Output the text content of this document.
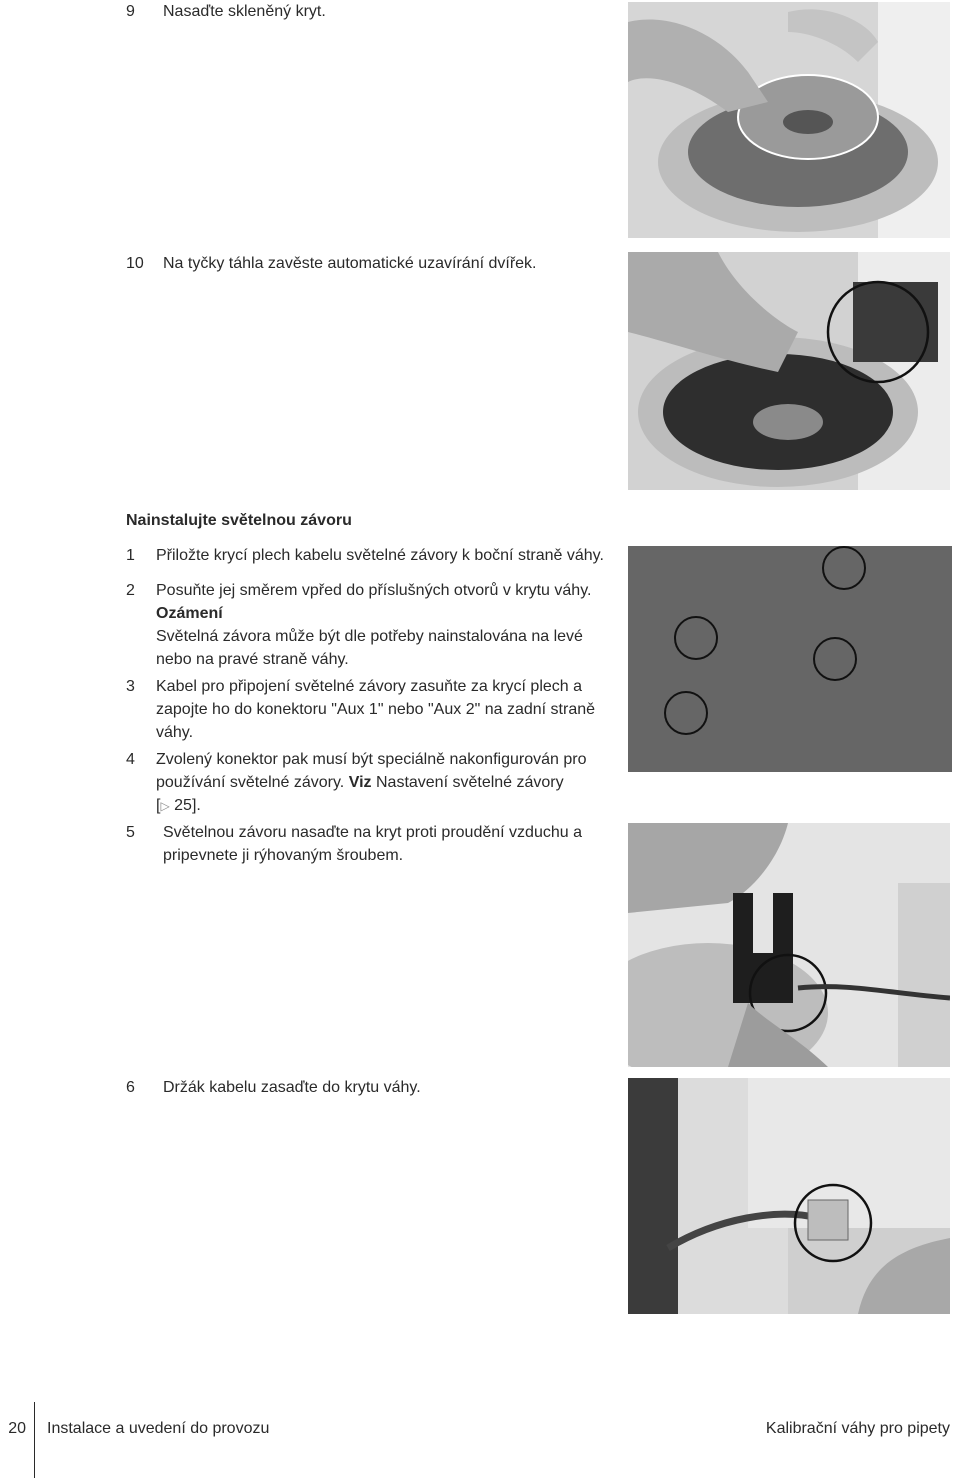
9	Nasaďte skleněný kryt.
10	Na tyčky táhla zavěste automatické uzavírání dvířek.
Nainstalujte světelnou závoru
1 Přiložte krycí plech kabelu světelné závory k boční straně váhy.
2 Posuňte jej směrem vpřed do příslušných otvorů v krytu váhy.
Ozámení
Světelná závora může být dle potřeby nainstalována na levé nebo na pravé straně váhy.
3 Kabel pro připojení světelné závory zasuňte za krycí plech a zapojte ho do konektoru "Aux 1" nebo "Aux 2" na zadní straně váhy.
4 Zvolený konektor pak musí být speciálně nakonfigurován pro používání světelné závory. Viz Nastavení světelné závory
[▷ 25].
5 Světelnou závoru nasaďte na kryt proti proudění vzduchu a pripevnete ji rýhovaným šroubem.
6	Držák kabelu zasaďte do krytu váhy.
20 Instalace a uvedení do provozu	Kalibrační váhy pro pipety
